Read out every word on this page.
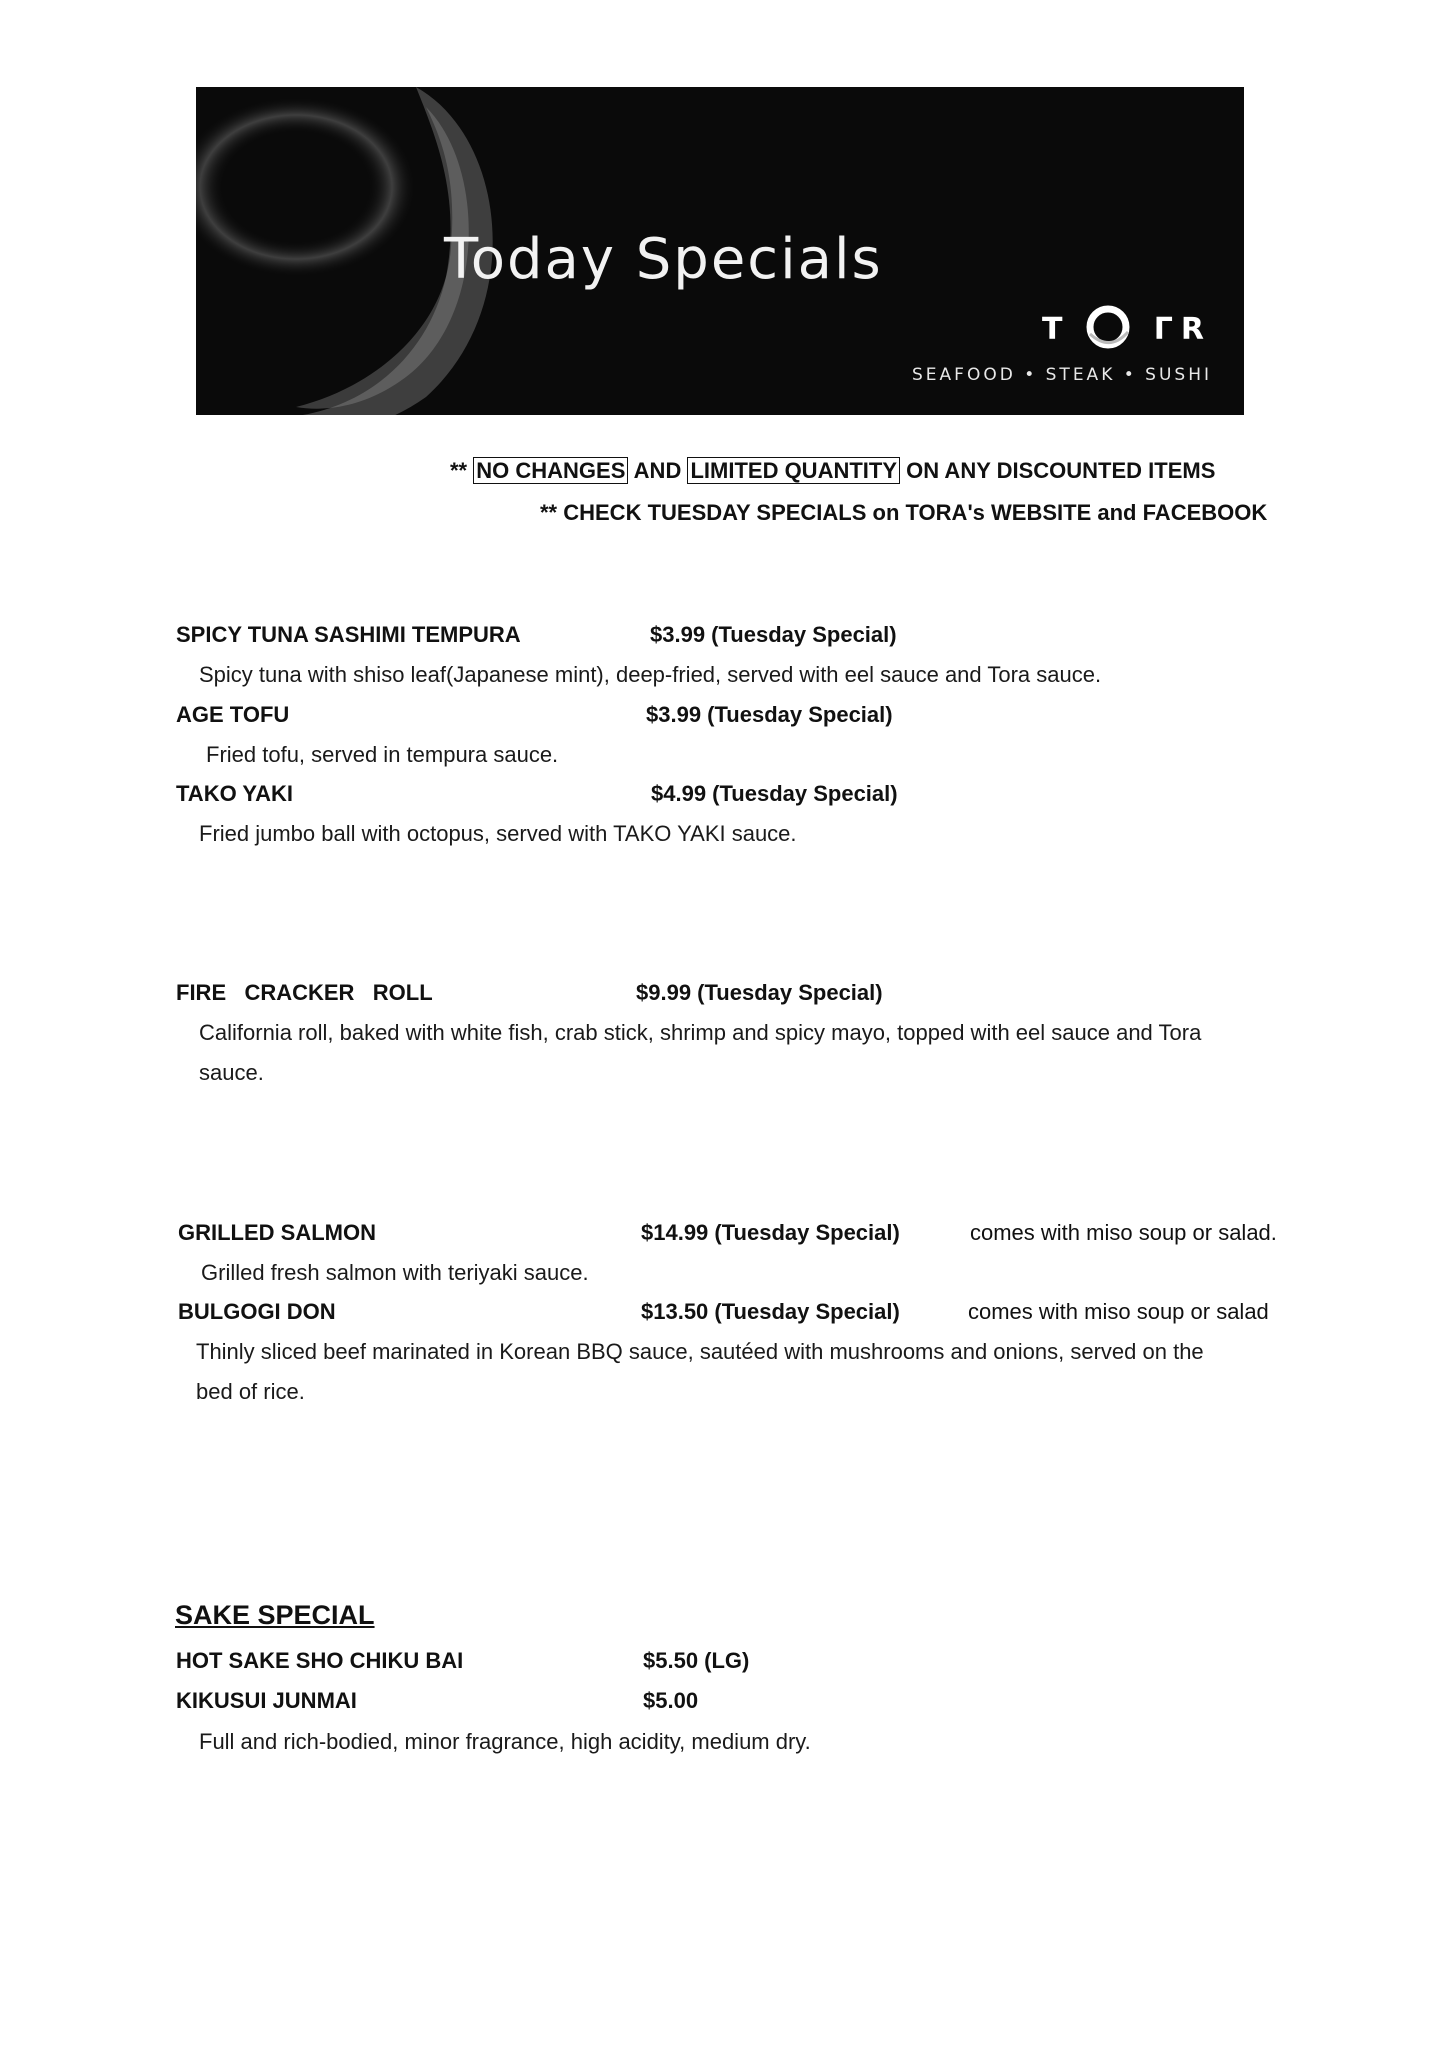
Today Specials
T	ΓR
SEAFOOD • STEAK • SUSHI
** NO CHANGES AND LIMITED QUANTITY ON ANY DISCOUNTED ITEMS
** CHECK TUESDAY SPECIALS on TORA's WEBSITE and FACEBOOK
SPICY TUNA SASHIMI TEMPURA	$3.99 (Tuesday Special)
Spicy tuna with shiso leaf(Japanese mint), deep-fried, served with eel sauce and Tora sauce.
AGE TOFU	$3.99 (Tuesday Special)
Fried tofu, served in tempura sauce.
TAKO YAKI	$4.99 (Tuesday Special)
Fried jumbo ball with octopus, served with TAKO YAKI sauce.
FIRE   CRACKER   ROLL	$9.99 (Tuesday Special)
California roll, baked with white fish, crab stick, shrimp and spicy mayo, topped with eel sauce and Tora
sauce.
GRILLED SALMON	$14.99 (Tuesday Special)	comes with miso soup or salad.
Grilled fresh salmon with teriyaki sauce.
BULGOGI DON	$13.50 (Tuesday Special)	comes with miso soup or salad
Thinly sliced beef marinated in Korean BBQ sauce, sautéed with mushrooms and onions, served on the
bed of rice.
SAKE SPECIAL
HOT SAKE SHO CHIKU BAI	$5.50 (LG)
KIKUSUI JUNMAI	$5.00
Full and rich-bodied, minor fragrance, high acidity, medium dry.
